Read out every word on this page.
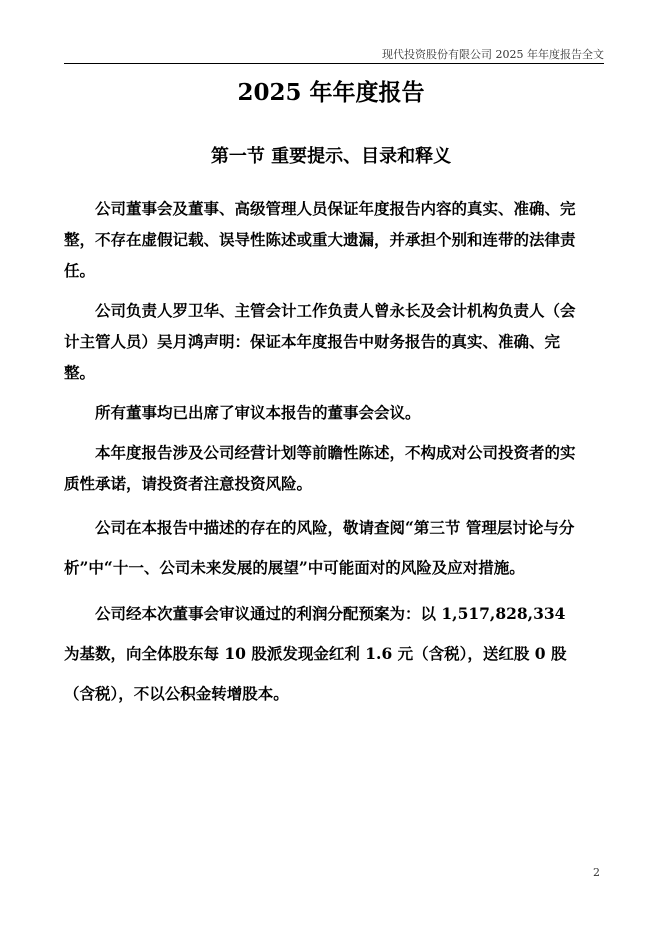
现代投资股份有限公司 2025 年年度报告全文
2025 年年度报告
第一节 重要提示、目录和释义

公司董事会及董事、高级管理人员保证年度报告内容的真实、准确、完整，不存在虚假记载、误导性陈述或重大遗漏，并承担个别和连带的法律责任。

公司负责人罗卫华、主管会计工作负责人曾永长及会计机构负责人（会计主管人员）吴月鸿声明：保证本年度报告中财务报告的真实、准确、完整。

所有董事均已出席了审议本报告的董事会会议。

本年度报告涉及公司经营计划等前瞻性陈述，不构成对公司投资者的实质性承诺，请投资者注意投资风险。

公司在本报告中描述的存在的风险，敬请查阅“第三节 管理层讨论与分析”中“十一、公司未来发展的展望”中可能面对的风险及应对措施。

公司经本次董事会审议通过的利润分配预案为：以 1,517,828,334 为基数，向全体股东每 10 股派发现金红利 1.6 元（含税），送红股 0 股（含税），不以公积金转增股本。

2
